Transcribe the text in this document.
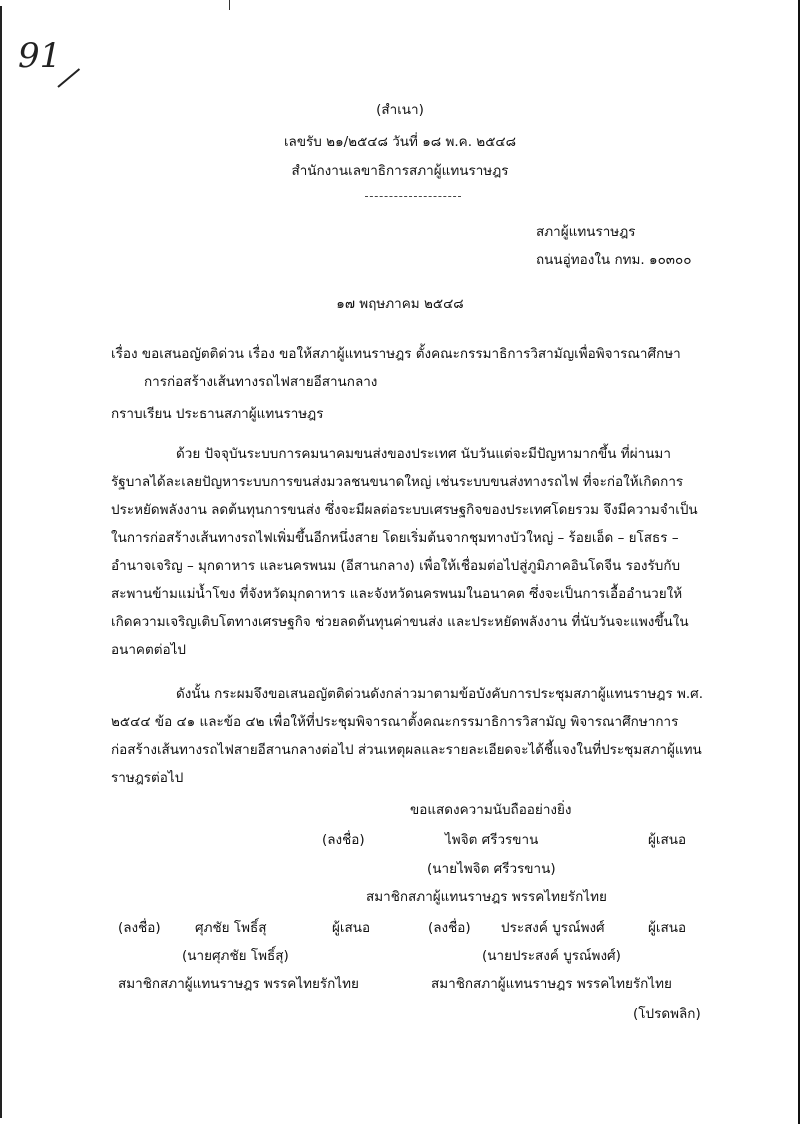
91
(สำเนา)
เลขรับ ๒๑/๒๕๔๘ วันที่ ๑๘ พ.ค. ๒๕๔๘
สำนักงานเลขาธิการสภาผู้แทนราษฎร
สภาผู้แทนราษฎร
ถนนอู่ทองใน กทม. ๑๐๓๐๐
๑๗ พฤษภาคม ๒๕๔๘
เรื่อง ขอเสนอญัตติด่วน เรื่อง ขอให้สภาผู้แทนราษฎร ตั้งคณะกรรมาธิการวิสามัญเพื่อพิจารณาศึกษา
การก่อสร้างเส้นทางรถไฟสายอีสานกลาง
กราบเรียน ประธานสภาผู้แทนราษฎร
ด้วย ปัจจุบันระบบการคมนาคมขนส่งของประเทศ นับวันแต่จะมีปัญหามากขึ้น ที่ผ่านมารัฐบาลได้ละเลยปัญหาระบบการขนส่งมวลชนขนาดใหญ่ เช่นระบบขนส่งทางรถไฟ ที่จะก่อให้เกิดการประหยัดพลังงาน ลดต้นทุนการขนส่ง ซึ่งจะมีผลต่อระบบเศรษฐกิจของประเทศโดยรวม จึงมีความจำเป็นในการก่อสร้างเส้นทางรถไฟเพิ่มขึ้นอีกหนึ่งสาย โดยเริ่มต้นจากชุมทางบัวใหญ่ – ร้อยเอ็ด – ยโสธร – อำนาจเจริญ – มุกดาหาร และนครพนม (อีสานกลาง) เพื่อให้เชื่อมต่อไปสู่ภูมิภาคอินโดจีน รองรับกับสะพานข้ามแม่น้ำโขง ที่จังหวัดมุกดาหาร และจังหวัดนครพนมในอนาคต ซึ่งจะเป็นการเอื้ออำนวยให้เกิดความเจริญเติบโตทางเศรษฐกิจ ช่วยลดต้นทุนค่าขนส่ง และประหยัดพลังงาน ที่นับวันจะแพงขึ้นในอนาคตต่อไป
ดังนั้น กระผมจึงขอเสนอญัตติด่วนดังกล่าวมาตามข้อบังคับการประชุมสภาผู้แทนราษฎร พ.ศ. ๒๕๔๔ ข้อ ๔๑ และข้อ ๔๒ เพื่อให้ที่ประชุมพิจารณาตั้งคณะกรรมาธิการวิสามัญ พิจารณาศึกษาการก่อสร้างเส้นทางรถไฟสายอีสานกลางต่อไป ส่วนเหตุผลและรายละเอียดจะได้ชี้แจงในที่ประชุมสภาผู้แทนราษฎรต่อไป
ขอแสดงความนับถืออย่างยิ่ง
(ลงชื่อ)	ไพจิต ศรีวรขาน	ผู้เสนอ
(นายไพจิต ศรีวรขาน)
สมาชิกสภาผู้แทนราษฎร พรรคไทยรักไทย
(ลงชื่อ)	ศุภชัย โพธิ์สุ	ผู้เสนอ
(นายศุภชัย โพธิ์สุ)
สมาชิกสภาผู้แทนราษฎร พรรคไทยรักไทย
(ลงชื่อ) ประสงค์ บูรณ์พงศ์	ผู้เสนอ
(นายประสงค์ บูรณ์พงศ์)
สมาชิกสภาผู้แทนราษฎร พรรคไทยรักไทย
(โปรดพลิก)
